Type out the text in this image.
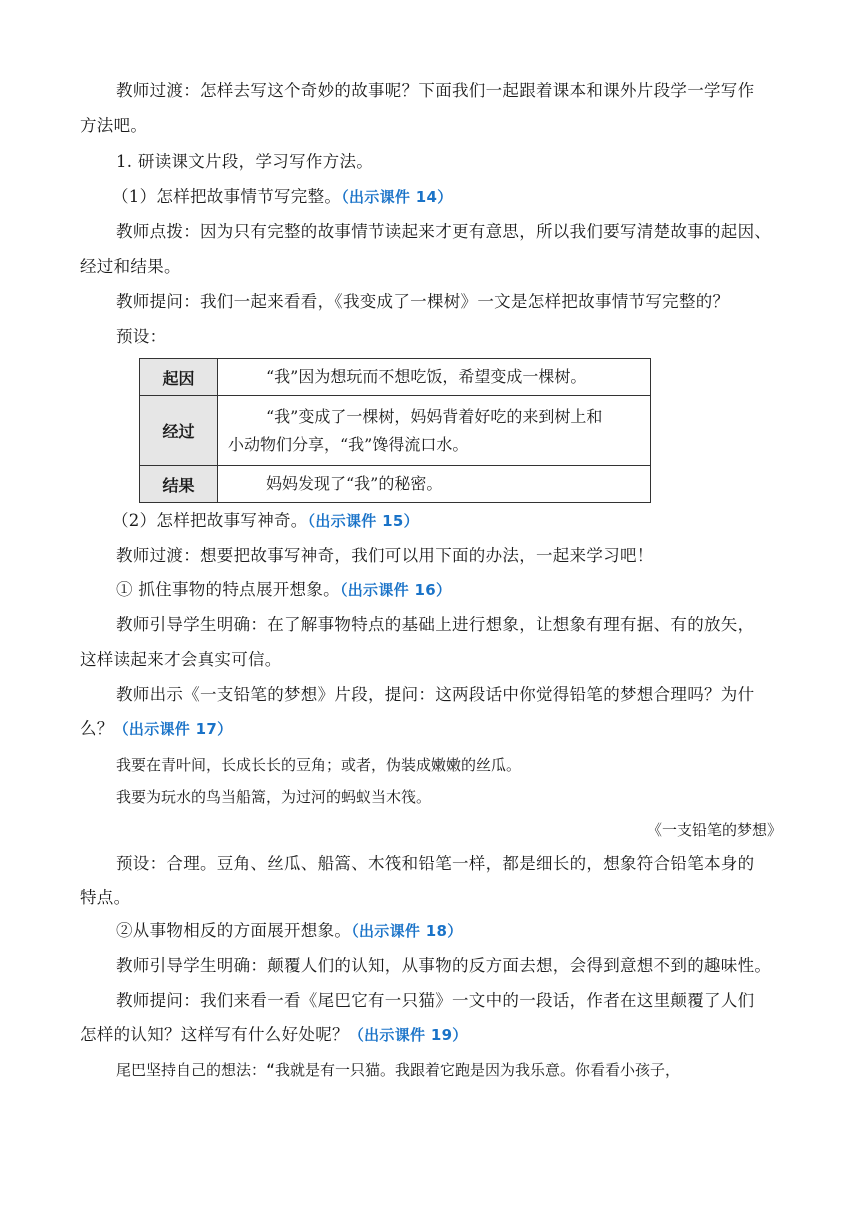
教师过渡：怎样去写这个奇妙的故事呢？下面我们一起跟着课本和课外片段学一学写作
方法吧。
1. 研读课文片段，学习写作方法。
（1）怎样把故事情节写完整。（出示课件 14）
教师点拨：因为只有完整的故事情节读起来才更有意思，所以我们要写清楚故事的起因、
经过和结果。
教师提问：我们一起来看看，《我变成了一棵树》一文是怎样把故事情节写完整的？
预设：
起因	“我”因为想玩而不想吃饭，希望变成一棵树。
经过	“我”变成了一棵树，妈妈背着好吃的来到树上和
小动物们分享，“我”馋得流口水。
结果	妈妈发现了“我”的秘密。
（2）怎样把故事写神奇。（出示课件 15）
教师过渡：想要把故事写神奇，我们可以用下面的办法，一起来学习吧！
① 抓住事物的特点展开想象。（出示课件 16）
教师引导学生明确：在了解事物特点的基础上进行想象，让想象有理有据、有的放矢，
这样读起来才会真实可信。
教师出示《一支铅笔的梦想》片段，提问：这两段话中你觉得铅笔的梦想合理吗？为什
么？（出示课件 17）
我要在青叶间，长成长长的豆角；或者，伪装成嫩嫩的丝瓜。
我要为玩水的鸟当船篙，为过河的蚂蚁当木筏。
《一支铅笔的梦想》
预设：合理。豆角、丝瓜、船篙、木筏和铅笔一样，都是细长的，想象符合铅笔本身的
特点。
②从事物相反的方面展开想象。（出示课件 18）
教师引导学生明确：颠覆人们的认知，从事物的反方面去想，会得到意想不到的趣味性。
教师提问：我们来看一看《尾巴它有一只猫》一文中的一段话，作者在这里颠覆了人们
怎样的认知？这样写有什么好处呢？（出示课件 19）
尾巴坚持自己的想法：“我就是有一只猫。我跟着它跑是因为我乐意。你看看小孩子，
